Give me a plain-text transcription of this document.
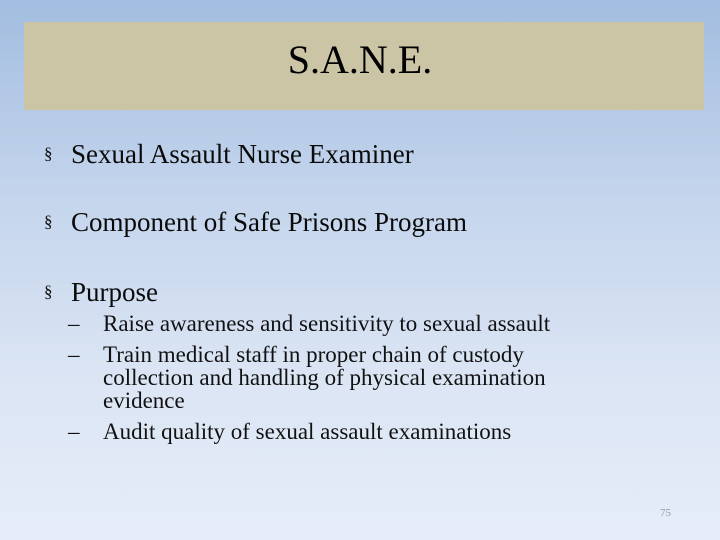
S.A.N.E.
§ Sexual Assault Nurse Examiner
§ Component of Safe Prisons Program
§ Purpose
– Raise awareness and sensitivity to sexual assault
– Train medical staff in proper chain of custody
collection and handling of physical examination
evidence
– Audit quality of sexual assault examinations
75
